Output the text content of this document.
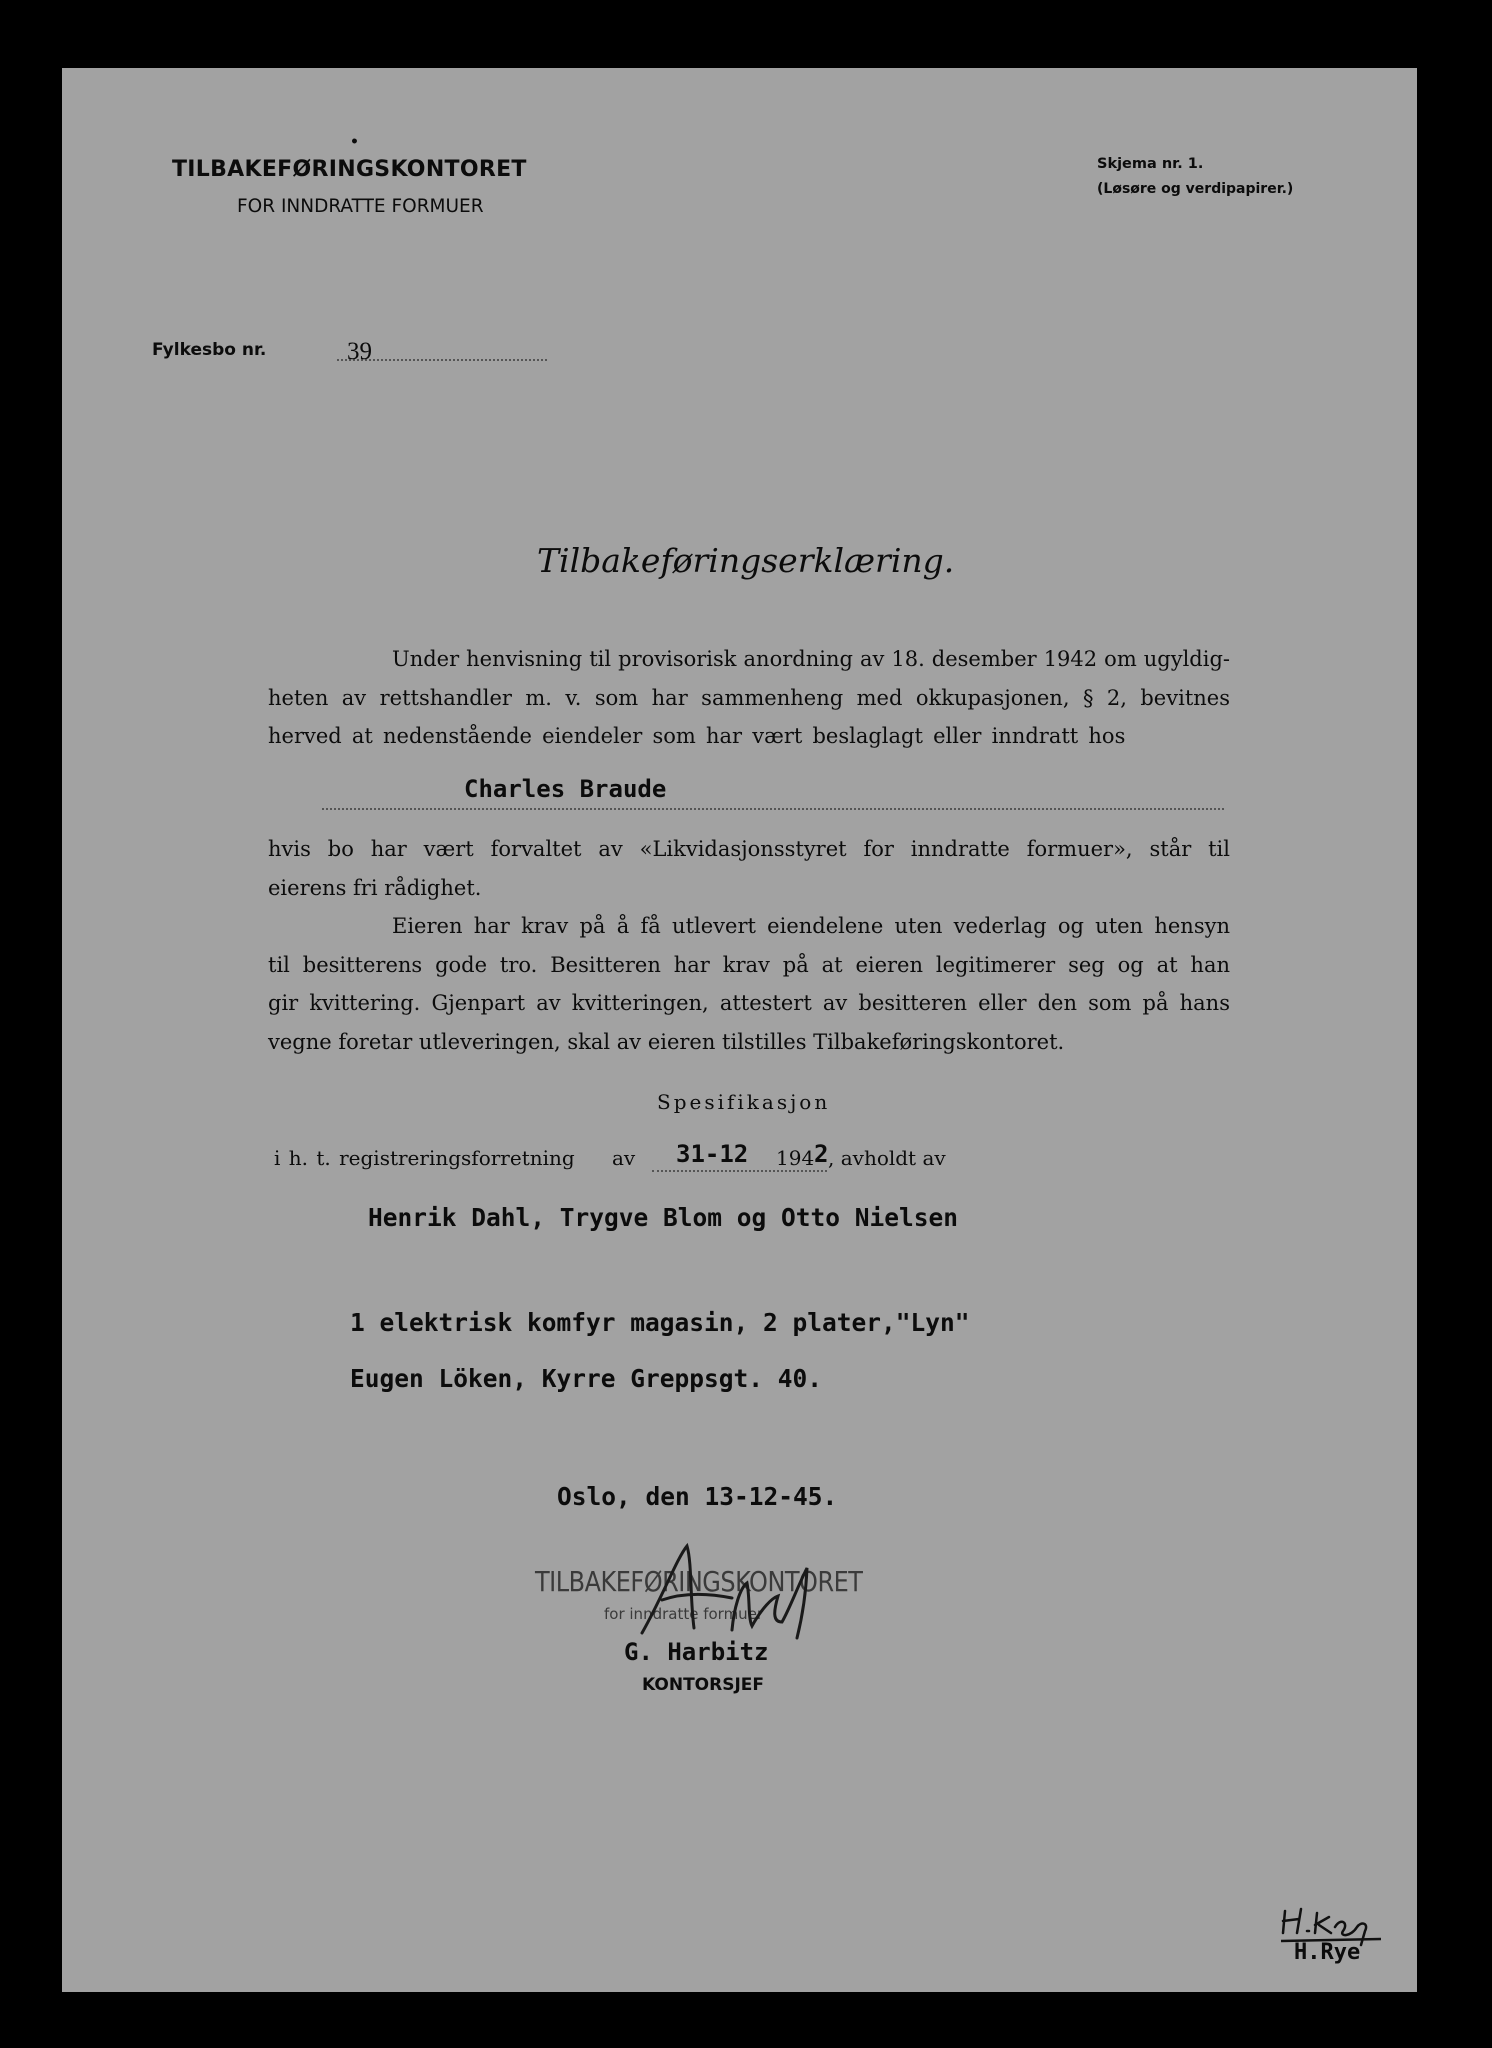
•
TILBAKEFØRINGSKONTORET
FOR INNDRATTE FORMUER
Skjema nr. 1.
(Løsøre og verdipapirer.)
Fylkesbo nr.	39
Tilbakeføringserklæring.
Under henvisning til provisorisk anordning av 18. desember 1942 om ugyldig-
heten av rettshandler m. v. som har sammenheng med okkupasjonen, § 2, bevitnes
herved at nedenstående eiendeler som har vært beslaglagt eller inndratt hos
Charles Braude
hvis bo har vært forvaltet av «Likvidasjonsstyret for inndratte formuer», står til
eierens fri rådighet.
Eieren har krav på å få utlevert eiendelene uten vederlag og uten hensyn
til besitterens gode tro. Besitteren har krav på at eieren legitimerer seg og at han
gir kvittering. Gjenpart av kvitteringen, attestert av besitteren eller den som på hans
vegne foretar utleveringen, skal av eieren tilstilles Tilbakeføringskontoret.
Spesifikasjon
i h. t. registreringsforretning av 31-12 194 2 , avholdt av
Henrik Dahl, Trygve Blom og Otto Nielsen
1 elektrisk komfyr magasin, 2 plater,"Lyn"
Eugen Löken, Kyrre Greppsgt. 40.
Oslo, den 13-12-45.
TILBAKEFØRINGSKONTORET
for inndratte formuer
G. Harbitz
KONTORSJEF
H.Rye
